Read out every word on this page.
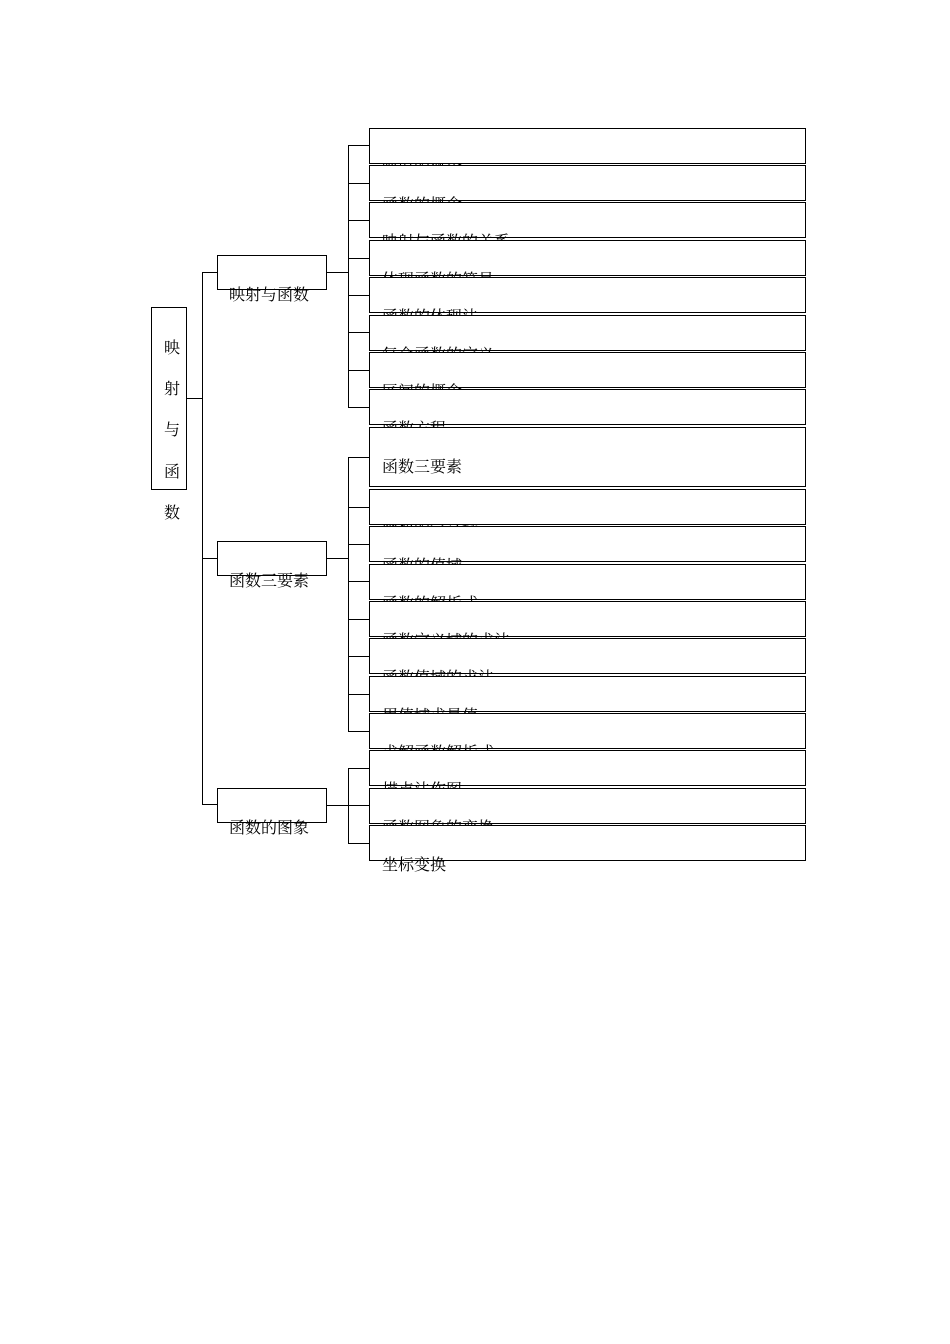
映
射
与
函
数
映射与函数
函数三要素
函数的图象
函数三要素
坐标变换
